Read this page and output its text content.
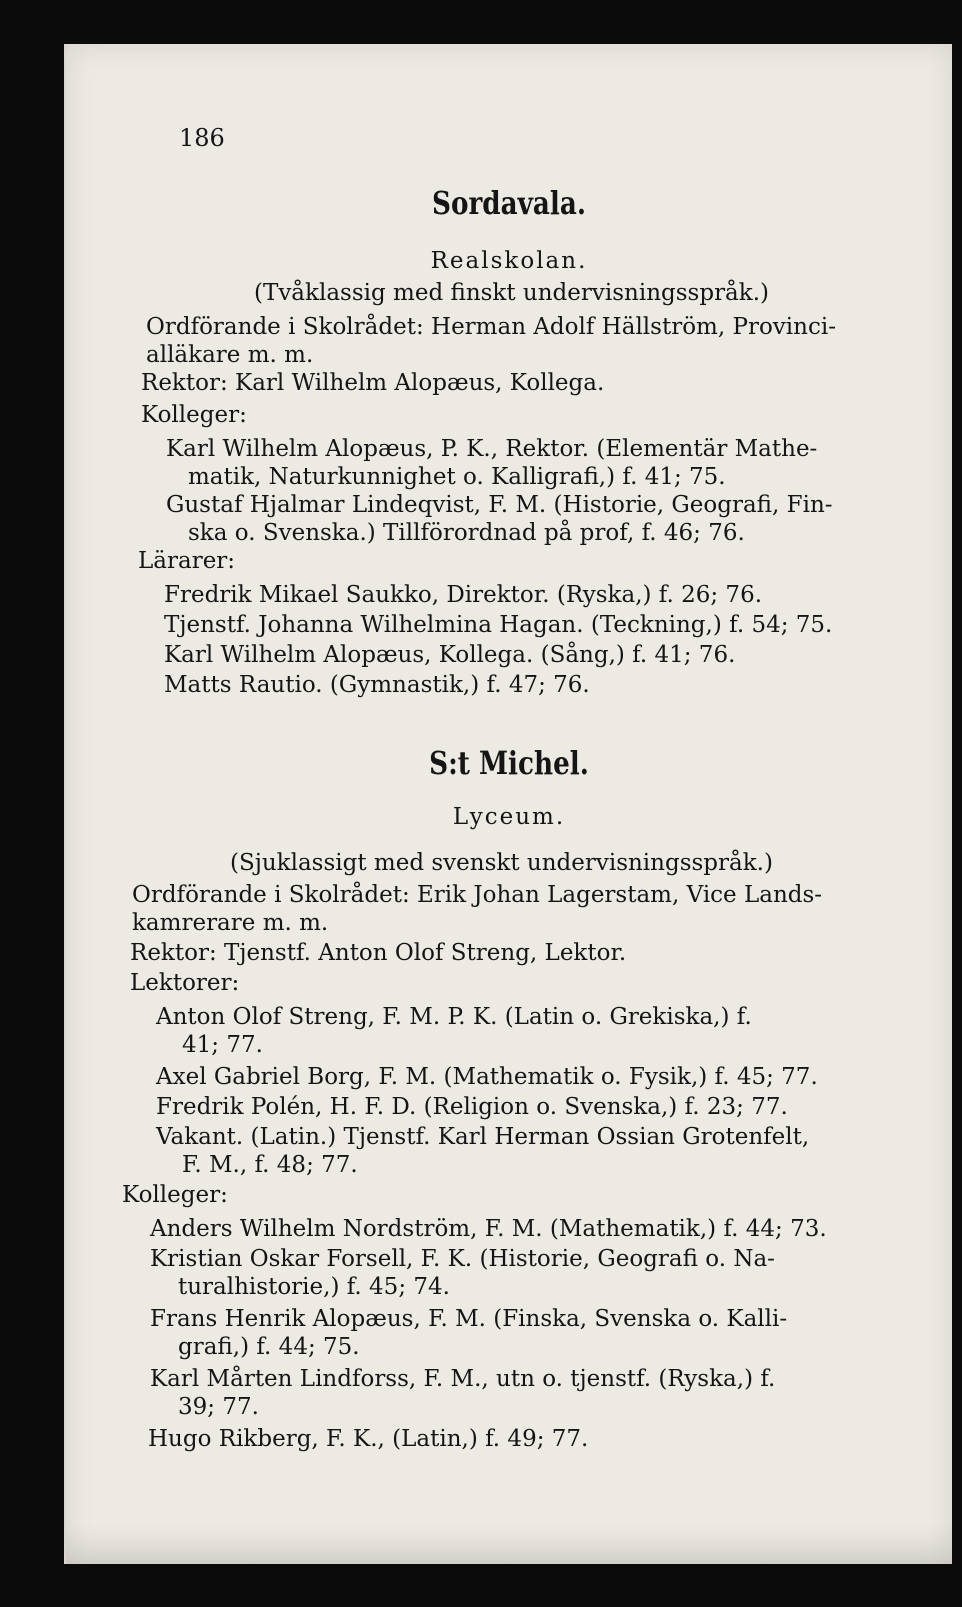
186
Sordavala.
Realskolan.
(Tvåklassig med finskt undervisningsspråk.)
Ordförande i Skolrådet: Herman Adolf Hällström, Provinci-
alläkare m. m.
Rektor: Karl Wilhelm Alopæus, Kollega.
Kolleger:
Karl Wilhelm Alopæus, P. K., Rektor. (Elementär Mathe-
matik, Naturkunnighet o. Kalligrafi,) f. 41; 75.
Gustaf Hjalmar Lindeqvist, F. M. (Historie, Geografi, Fin-
ska o. Svenska.) Tillförordnad på prof, f. 46; 76.
Lärarer:
Fredrik Mikael Saukko, Direktor. (Ryska,) f. 26; 76.
Tjenstf. Johanna Wilhelmina Hagan. (Teckning,) f. 54; 75.
Karl Wilhelm Alopæus, Kollega. (Sång,) f. 41; 76.
Matts Rautio. (Gymnastik,) f. 47; 76.
S:t Michel.
Lyceum.
(Sjuklassigt med svenskt undervisningsspråk.)
Ordförande i Skolrådet: Erik Johan Lagerstam, Vice Lands-
kamrerare m. m.
Rektor: Tjenstf. Anton Olof Streng, Lektor.
Lektorer:
Anton Olof Streng, F. M. P. K. (Latin o. Grekiska,) f.
41; 77.
Axel Gabriel Borg, F. M. (Mathematik o. Fysik,) f. 45; 77.
Fredrik Polén, H. F. D. (Religion o. Svenska,) f. 23; 77.
Vakant. (Latin.) Tjenstf. Karl Herman Ossian Grotenfelt,
F. M., f. 48; 77.
Kolleger:
Anders Wilhelm Nordström, F. M. (Mathematik,) f. 44; 73.
Kristian Oskar Forsell, F. K. (Historie, Geografi o. Na-
turalhistorie,) f. 45; 74.
Frans Henrik Alopæus, F. M. (Finska, Svenska o. Kalli-
grafi,) f. 44; 75.
Karl Mårten Lindforss, F. M., utn o. tjenstf. (Ryska,) f.
39; 77.
Hugo Rikberg, F. K., (Latin,) f. 49; 77.
